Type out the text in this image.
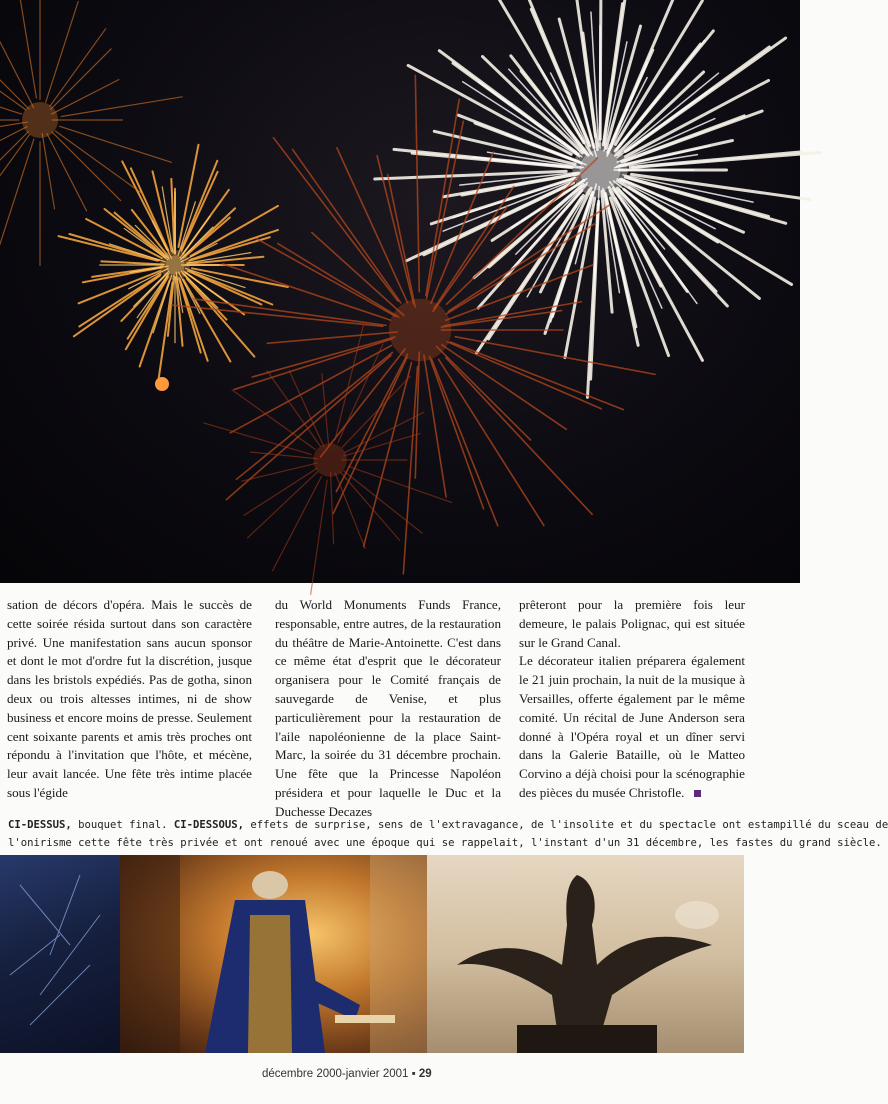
sation de décors d'opéra. Mais le succès de cette soirée résida surtout dans son caractère privé. Une manifestation sans aucun sponsor et dont le mot d'ordre fut la discrétion, jusque dans les bristols expédiés. Pas de gotha, sinon deux ou trois altesses intimes, ni de show business et encore moins de presse. Seulement cent soixante parents et amis très proches ont répondu à l'invitation que l'hôte, et mécène, leur avait lancée. Une fête très intime placée sous l'égide

du World Monuments Funds France, responsable, entre autres, de la restauration du théâtre de Marie-Antoinette. C'est dans ce même état d'esprit que le décorateur organisera pour le Comité français de sauvegarde de Venise, et plus particulièrement pour la restauration de l'aile napoléonienne de la place Saint-Marc, la soirée du 31 décembre prochain. Une fête que la Princesse Napoléon présidera et pour laquelle le Duc et la Duchesse Decazes

prêteront pour la première fois leur demeure, le palais Polignac, qui est située sur le Grand Canal.

Le décorateur italien préparera également le 21 juin prochain, la nuit de la musique à Versailles, offerte également par le même comité. Un récital de June Anderson sera donné à l'Opéra royal et un dîner servi dans la Galerie Bataille, où le Matteo Corvino a déjà choisi pour la scénographie des pièces du musée Christofle.

CI-DESSUS, bouquet final. CI-DESSOUS, effets de surprise, sens de l'extravagance, de l'insolite et du spectacle ont estampillé du sceau de
l'onirisme cette fête très privée et ont renoué avec une époque qui se rappelait, l'instant d'un 31 décembre, les fastes du grand siècle.
décembre 2000-janvier 2001 ▪ 29
